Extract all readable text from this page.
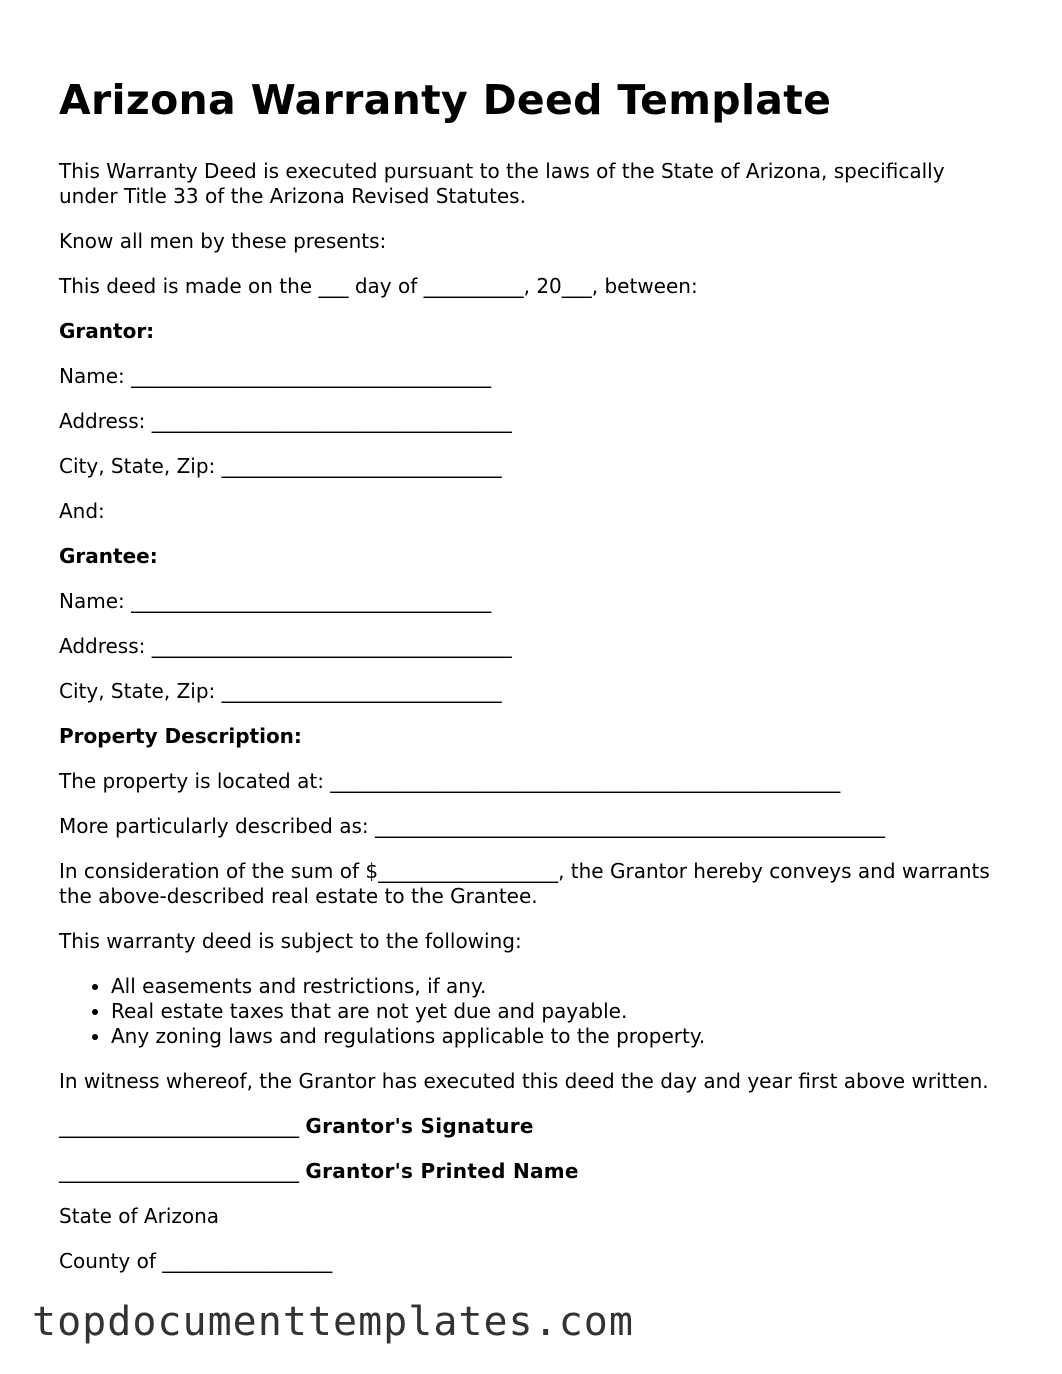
Arizona Warranty Deed Template

This Warranty Deed is executed pursuant to the laws of the State of Arizona, specifically under Title 33 of the Arizona Revised Statutes.

Know all men by these presents:

This deed is made on the ___ day of __________, 20___, between:

Grantor:

Name: ____________________________________

Address: ____________________________________

City, State, Zip: ____________________________

And:

Grantee:

Name: ____________________________________

Address: ____________________________________

City, State, Zip: ____________________________

Property Description:

The property is located at: ___________________________________________________

More particularly described as: ___________________________________________________

In consideration of the sum of $__________________, the Grantor hereby conveys and warrants the above-described real estate to the Grantee.

This warranty deed is subject to the following:

• All easements and restrictions, if any.
• Real estate taxes that are not yet due and payable.
• Any zoning laws and regulations applicable to the property.

In witness whereof, the Grantor has executed this deed the day and year first above written.

________________________ Grantor's Signature

________________________ Grantor's Printed Name

State of Arizona

County of _________________

topdocumenttemplates.com
